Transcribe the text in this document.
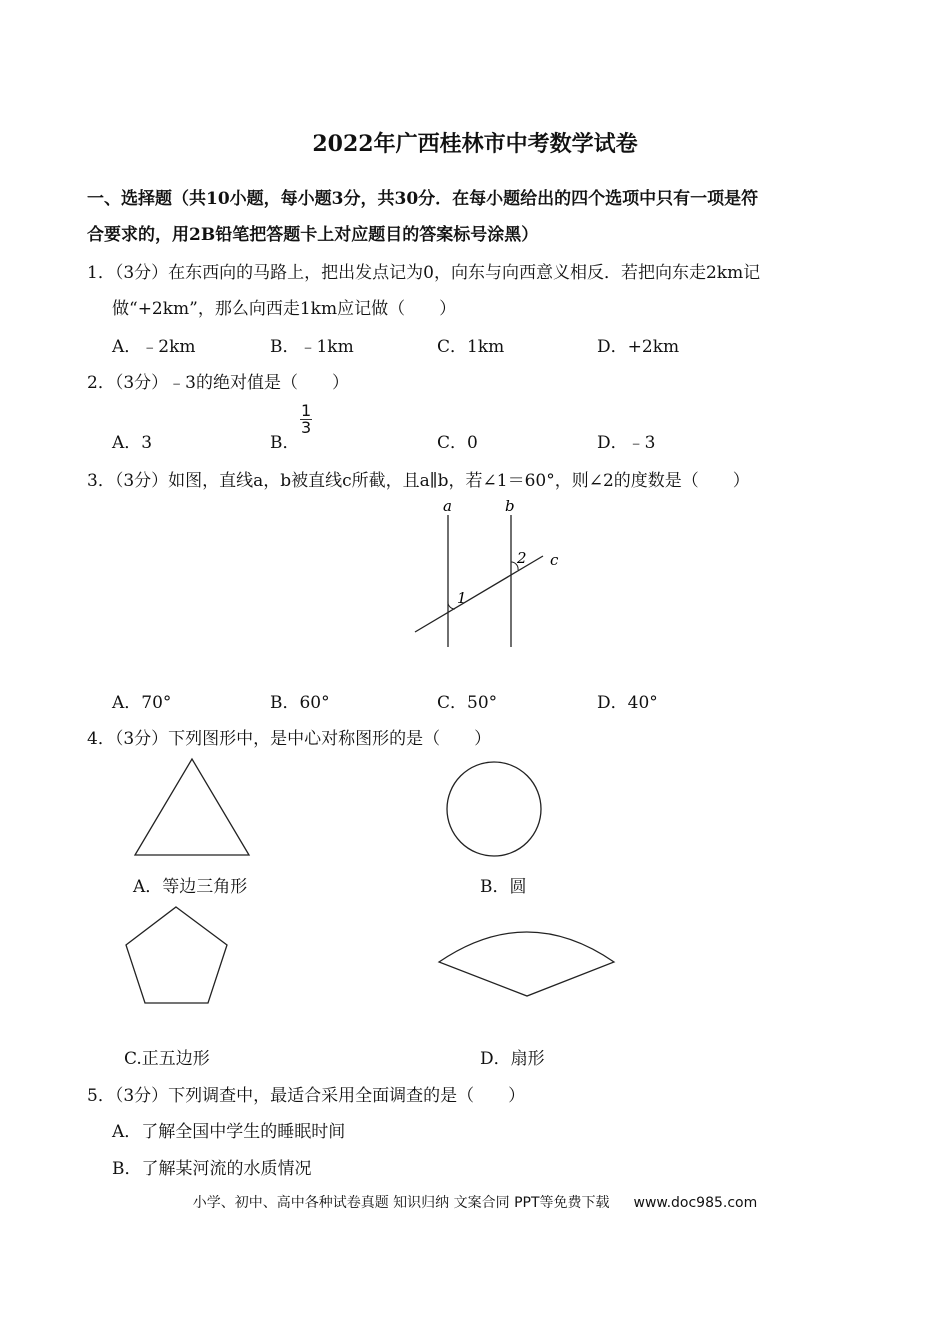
2022年广西桂林市中考数学试卷
一、选择题（共10小题，每小题3分，共30分．在每小题给出的四个选项中只有一项是符
合要求的，用2B铅笔把答题卡上对应题目的答案标号涂黑）
1．（3分）在东西向的马路上，把出发点记为0，向东与向西意义相反．若把向东走2km记
做“+2km”，那么向西走1km应记做（　　）
A．﹣2km	B．﹣1km	C．1km	D．+2km
2．（3分）﹣3的绝对值是（　　）
A．3	B．
$\frac{1}{3}$
C．0	D．﹣3
3．（3分）如图，直线a，b被直线c所截，且a∥b，若∠1＝60°，则∠2的度数是（　　）
a	b
c
1
2
A．70°	B．60°	C．50°	D．40°
4．（3分）下列图形中，是中心对称图形的是（　　）
A．等边三角形	B．圆
C.正五边形	D．扇形
5．（3分）下列调查中，最适合采用全面调查的是（　　）
A．了解全国中学生的睡眠时间
B．了解某河流的水质情况
小学、初中、高中各种试卷真题 知识归纳 文案合同 PPT等免费下载 www.doc985.com
